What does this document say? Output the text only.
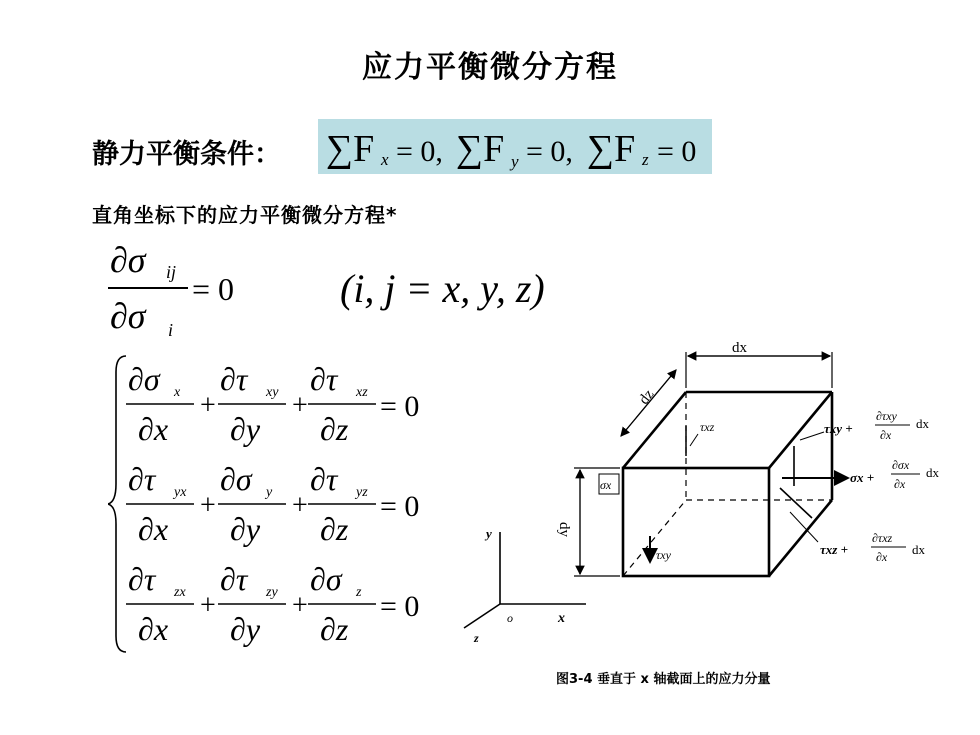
应力平衡微分方程
静力平衡条件： ∑F x = 0, ∑F y = 0, ∑F z = 0
直角坐标下的应力平衡微分方程*
∂σ ij
∂σ i
= 0	(i, j = x, y, z)
∂σ x
∂x
+
∂τ xy
∂y
+
∂τ xz
∂z
= 0
∂τ yx
∂x
+
∂σ y
∂y
+
∂τ yz
∂z
= 0
∂τ zx
∂x
+
∂τ zy
∂y
+
∂σ z
∂z
= 0
dx
dz
dy
σx
τxz
τxy
τxy +
∂τxy
∂x
dx
σx +
∂σx
∂x
dx
τxz +
∂τxz
∂x dx
y
x
o
z
图3-4 垂直于 x 轴截面上的应力分量
